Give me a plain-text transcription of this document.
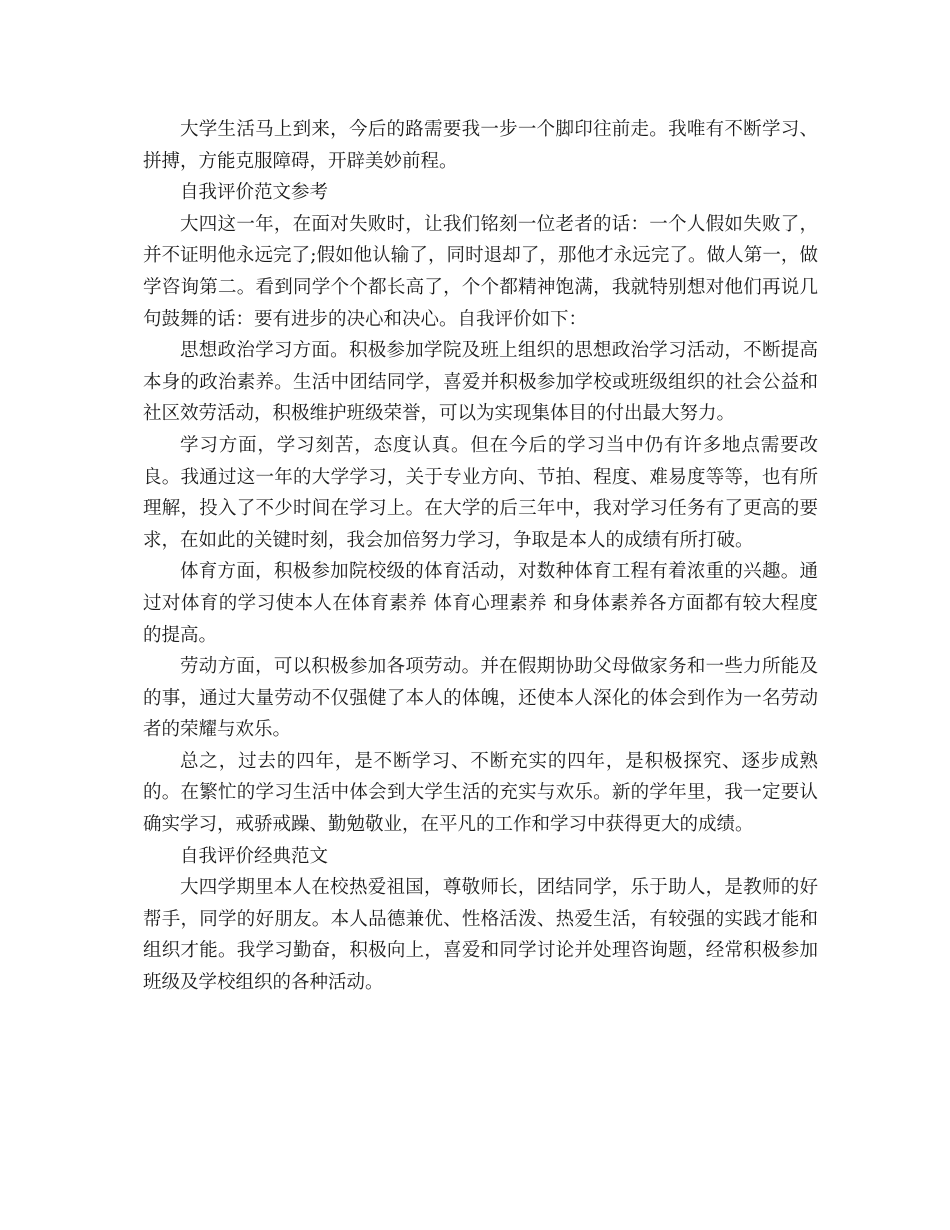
大学生活马上到来，今后的路需要我一步一个脚印往前走。我唯有不断学习、拼搏，方能克服障碍，开辟美妙前程。

自我评价范文参考

大四这一年，在面对失败时，让我们铭刻一位老者的话：一个人假如失败了，并不证明他永远完了;假如他认输了，同时退却了，那他才永远完了。做人第一，做学咨询第二。看到同学个个都长高了，个个都精神饱满，我就特别想对他们再说几句鼓舞的话：要有进步的决心和决心。自我评价如下：

思想政治学习方面。积极参加学院及班上组织的思想政治学习活动，不断提高本身的政治素养。生活中团结同学，喜爱并积极参加学校或班级组织的社会公益和社区效劳活动，积极维护班级荣誉，可以为实现集体目的付出最大努力。

学习方面，学习刻苦，态度认真。但在今后的学习当中仍有许多地点需要改良。我通过这一年的大学学习，关于专业方向、节拍、程度、难易度等等，也有所理解，投入了不少时间在学习上。在大学的后三年中，我对学习任务有了更高的要求，在如此的关键时刻，我会加倍努力学习，争取是本人的成绩有所打破。

体育方面，积极参加院校级的体育活动，对数种体育工程有着浓重的兴趣。通过对体育的学习使本人在体育素养 体育心理素养 和身体素养各方面都有较大程度的提高。

劳动方面，可以积极参加各项劳动。并在假期协助父母做家务和一些力所能及的事，通过大量劳动不仅强健了本人的体魄，还使本人深化的体会到作为一名劳动者的荣耀与欢乐。

总之，过去的四年，是不断学习、不断充实的四年，是积极探究、逐步成熟的。在繁忙的学习生活中体会到大学生活的充实与欢乐。新的学年里，我一定要认确实学习，戒骄戒躁、勤勉敬业，在平凡的工作和学习中获得更大的成绩。

自我评价经典范文

大四学期里本人在校热爱祖国，尊敬师长，团结同学，乐于助人，是教师的好帮手，同学的好朋友。本人品德兼优、性格活泼、热爱生活，有较强的实践才能和组织才能。我学习勤奋，积极向上，喜爱和同学讨论并处理咨询题，经常积极参加班级及学校组织的各种活动。
